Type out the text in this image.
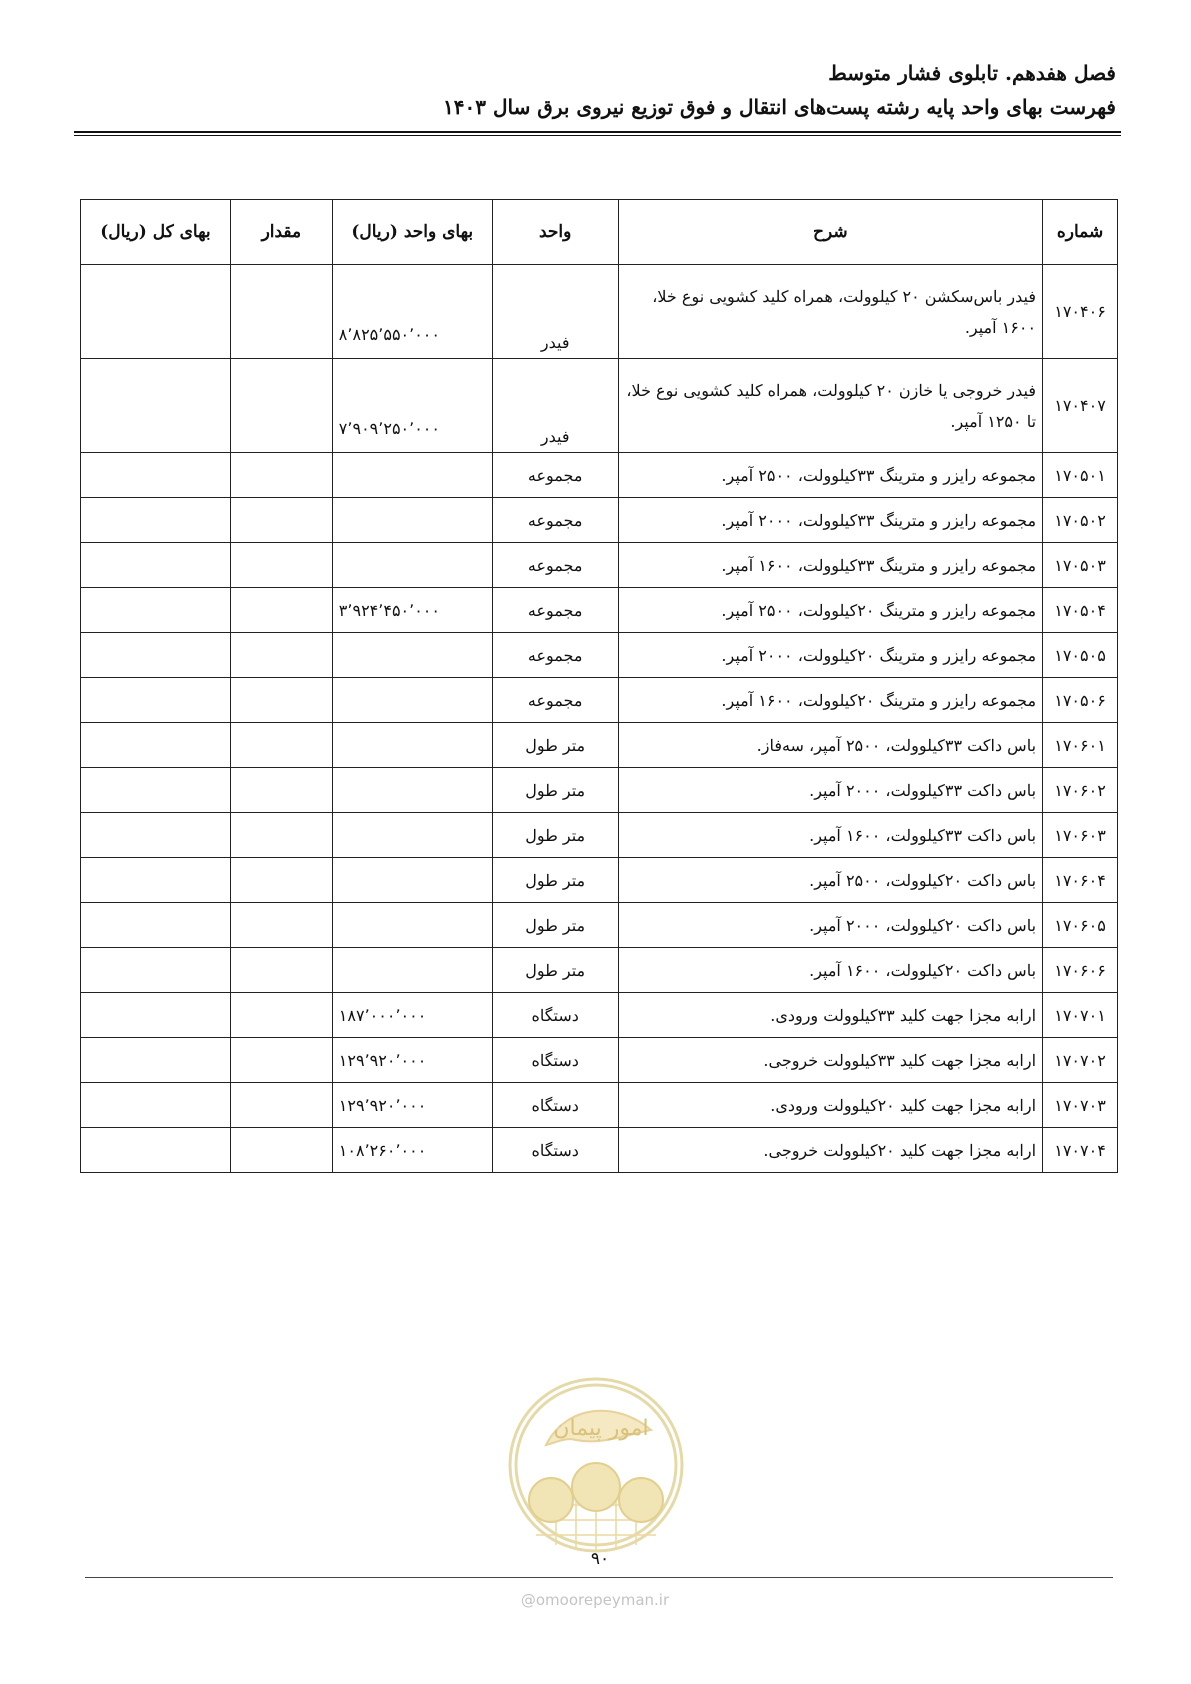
فصل هفدهم. تابلوی فشار متوسط

فهرست بهای واحد پایه رشته پست‌های انتقال و فوق توزیع نیروی برق سال ۱۴۰۳

شماره	شرح	واحد	بهای واحد (ریال)	مقدار	بهای کل (ریال)
۱۷۰۴۰۶	فیدر باس‌سکشن ۲۰ کیلوولت، همراه کلید کشویی نوع خلا، ۱۶۰۰ آمپر.	فیدر	۸٬۸۲۵٬۵۵۰٬۰۰۰		
۱۷۰۴۰۷	فیدر خروجی یا خازن ۲۰ کیلوولت، همراه کلید کشویی نوع خلا، تا ۱۲۵۰ آمپر.	فیدر	۷٬۹۰۹٬۲۵۰٬۰۰۰		
۱۷۰۵۰۱	مجموعه رایزر و مترینگ ۳۳کیلوولت، ۲۵۰۰ آمپر.	مجموعه			
۱۷۰۵۰۲	مجموعه رایزر و مترینگ ۳۳کیلوولت، ۲۰۰۰ آمپر.	مجموعه			
۱۷۰۵۰۳	مجموعه رایزر و مترینگ ۳۳کیلوولت، ۱۶۰۰ آمپر.	مجموعه			
۱۷۰۵۰۴	مجموعه رایزر و مترینگ ۲۰کیلوولت، ۲۵۰۰ آمپر.	مجموعه	۳٬۹۲۴٬۴۵۰٬۰۰۰		
۱۷۰۵۰۵	مجموعه رایزر و مترینگ ۲۰کیلوولت، ۲۰۰۰ آمپر.	مجموعه			
۱۷۰۵۰۶	مجموعه رایزر و مترینگ ۲۰کیلوولت، ۱۶۰۰ آمپر.	مجموعه			
۱۷۰۶۰۱	باس داکت ۳۳کیلوولت، ۲۵۰۰ آمپر، سه‌فاز.	متر طول			
۱۷۰۶۰۲	باس داکت ۳۳کیلوولت، ۲۰۰۰ آمپر.	متر طول			
۱۷۰۶۰۳	باس داکت ۳۳کیلوولت، ۱۶۰۰ آمپر.	متر طول			
۱۷۰۶۰۴	باس داکت ۲۰کیلوولت، ۲۵۰۰ آمپر.	متر طول			
۱۷۰۶۰۵	باس داکت ۲۰کیلوولت، ۲۰۰۰ آمپر.	متر طول			
۱۷۰۶۰۶	باس داکت ۲۰کیلوولت، ۱۶۰۰ آمپر.	متر طول			
۱۷۰۷۰۱	ارابه مجزا جهت کلید ۳۳کیلوولت ورودی.	دستگاه	۱۸۷٬۰۰۰٬۰۰۰		
۱۷۰۷۰۲	ارابه مجزا جهت کلید ۳۳کیلوولت خروجی.	دستگاه	۱۲۹٬۹۲۰٬۰۰۰		
۱۷۰۷۰۳	ارابه مجزا جهت کلید ۲۰کیلوولت ورودی.	دستگاه	۱۲۹٬۹۲۰٬۰۰۰		
۱۷۰۷۰۴	ارابه مجزا جهت کلید ۲۰کیلوولت خروجی.	دستگاه	۱۰۸٬۲۶۰٬۰۰۰		
امور پیمان
۹۰
@omoorepeyman.ir
